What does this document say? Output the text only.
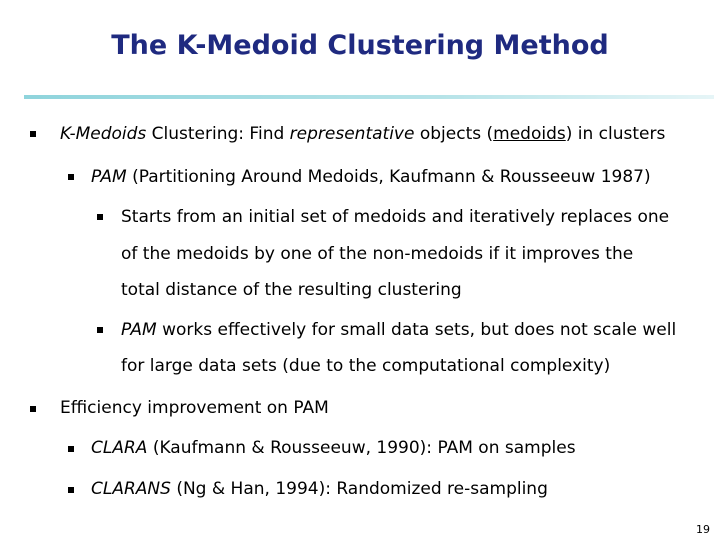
The K-Medoid Clustering Method
K-Medoids Clustering: Find representative objects (medoids) in clusters
PAM (Partitioning Around Medoids, Kaufmann & Rousseeuw 1987)
Starts from an initial set of medoids and iteratively replaces one
of the medoids by one of the non-medoids if it improves the
total distance of the resulting clustering
PAM works effectively for small data sets, but does not scale well
for large data sets (due to the computational complexity)
Efficiency improvement on PAM
CLARA (Kaufmann & Rousseeuw, 1990): PAM on samples
CLARANS (Ng & Han, 1994): Randomized re-sampling
19
